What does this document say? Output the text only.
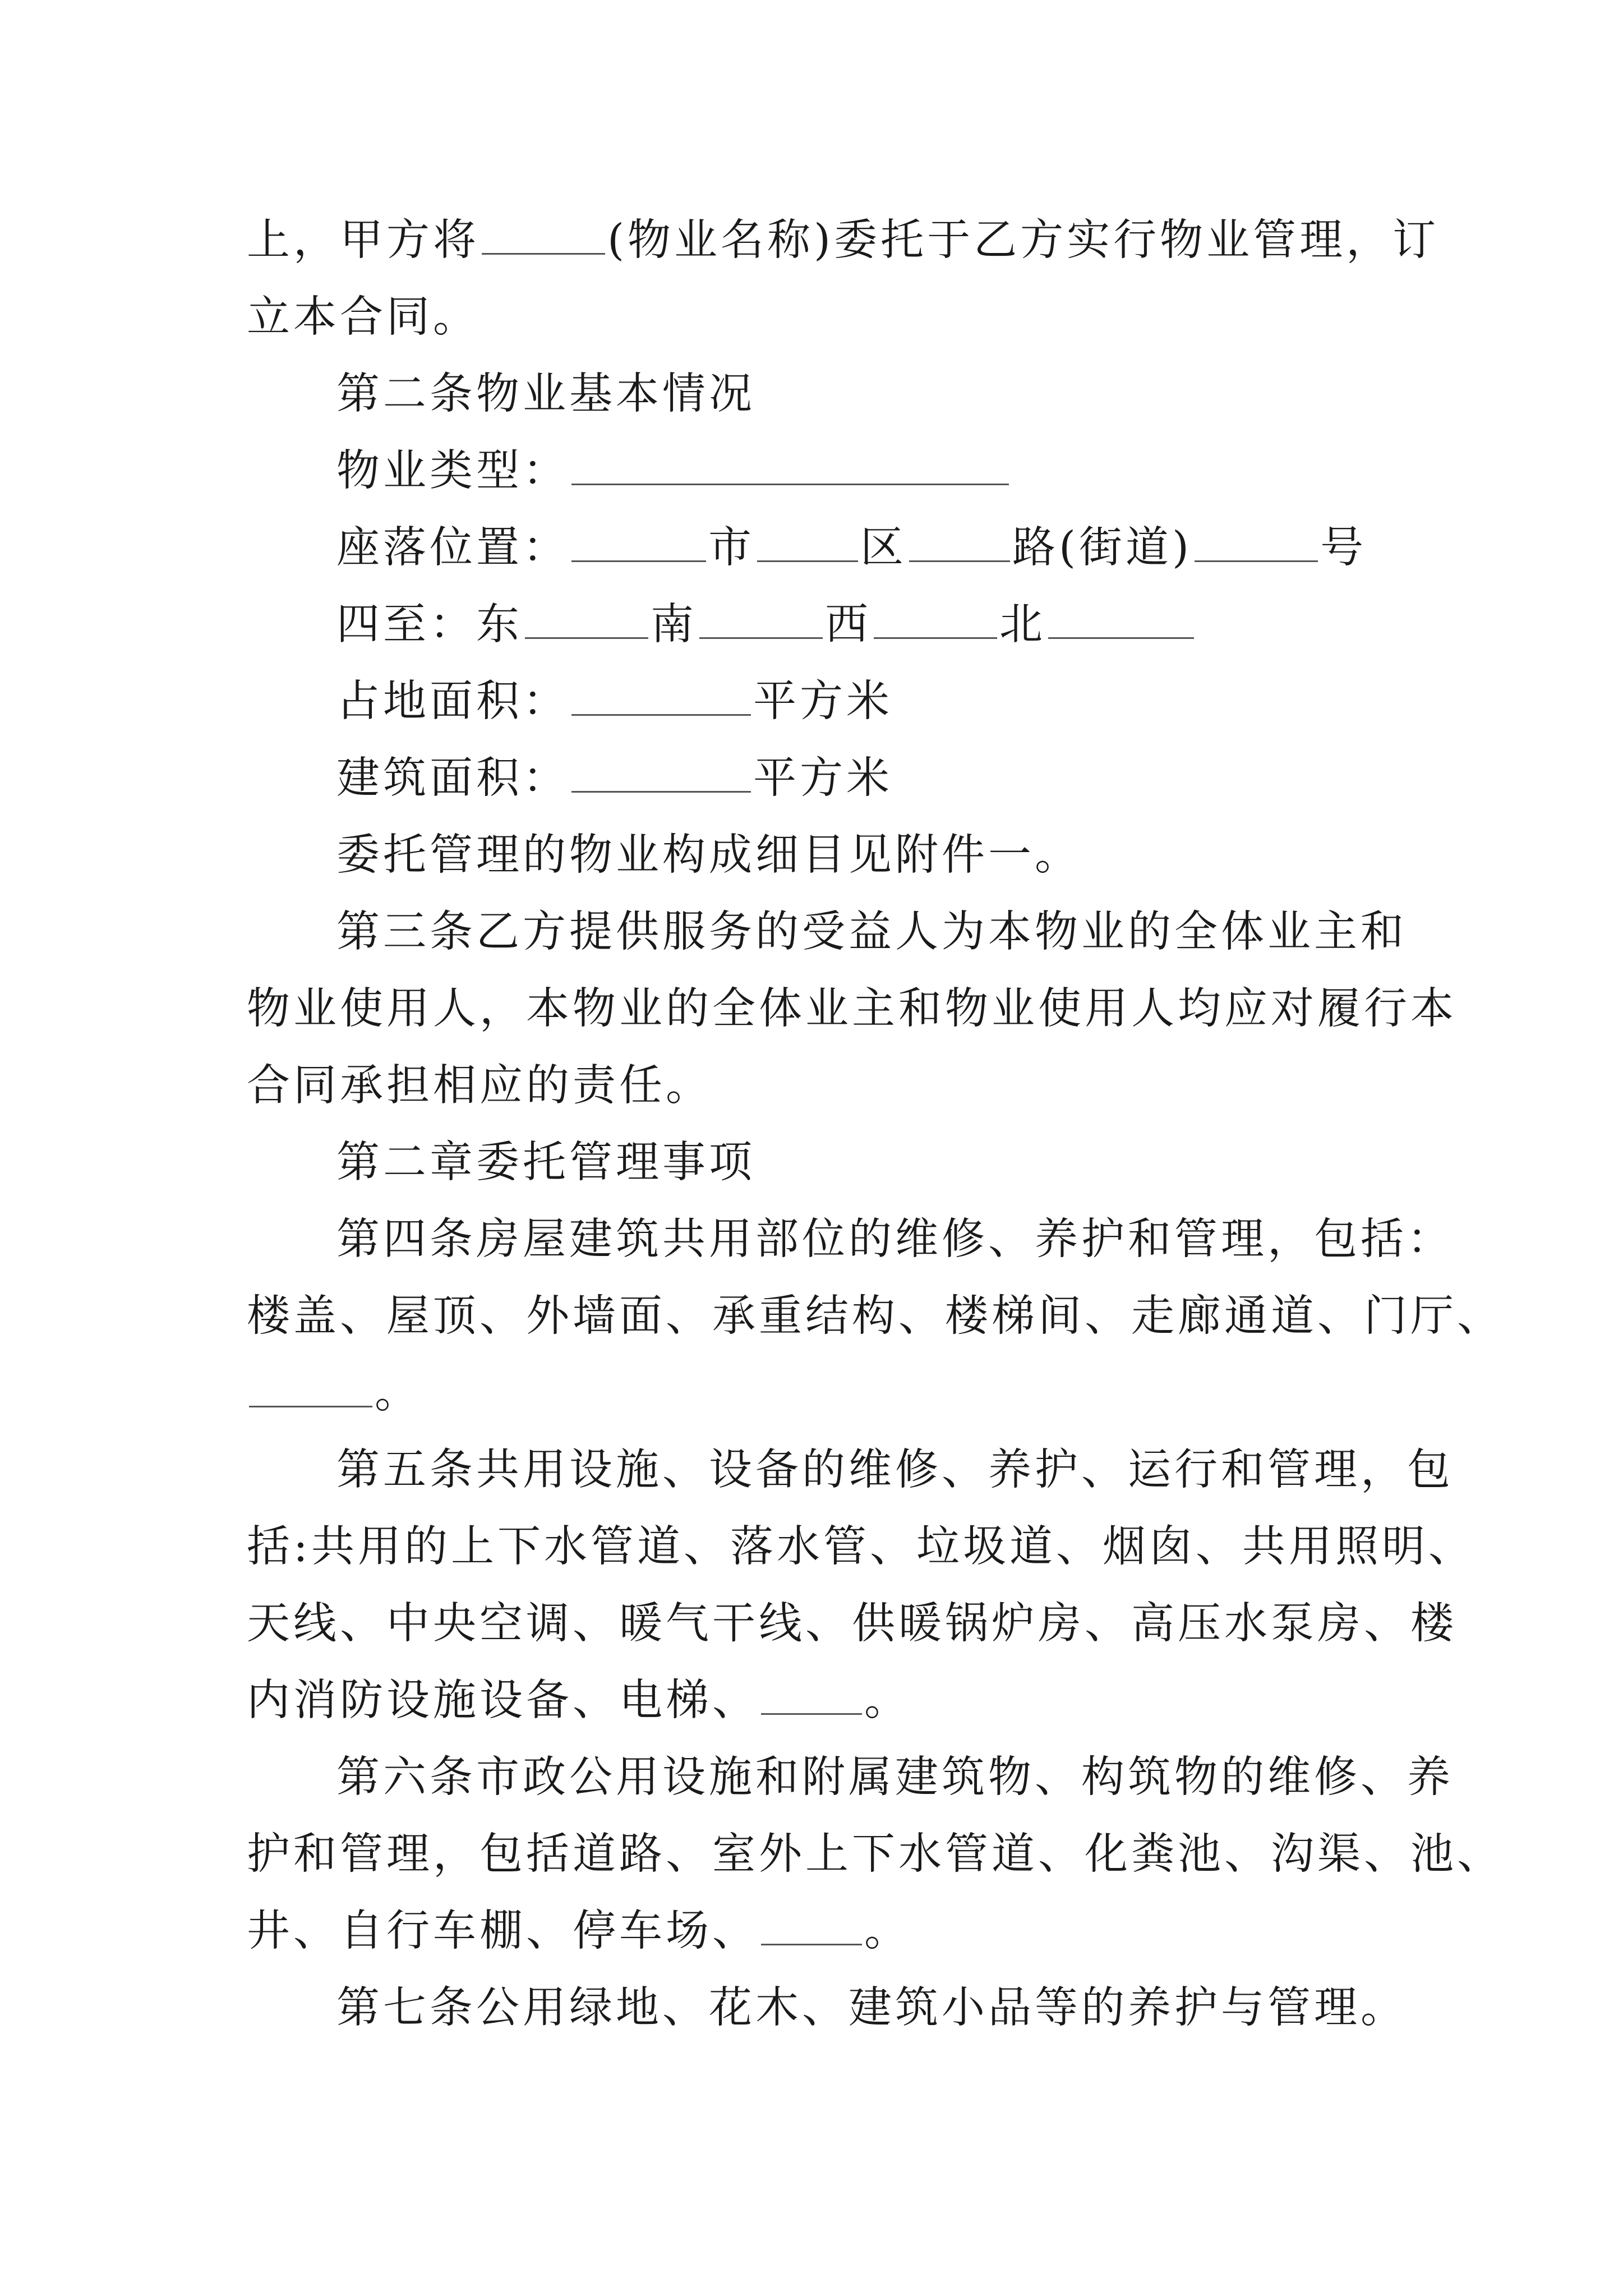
上，甲方将	(物业名称)委托于乙方实行物业管理，订
立本合同。
第二条物业基本情况
物业类型：
座落位置：	市 区 路(街道)	号
四至：东	南	西	北
占地面积：	平方米
建筑面积：	平方米
委托管理的物业构成细目见附件一。
第三条乙方提供服务的受益人为本物业的全体业主和
物业使用人，本物业的全体业主和物业使用人均应对履行本
合同承担相应的责任。
第二章委托管理事项
第四条房屋建筑共用部位的维修、养护和管理，包括：
楼盖、屋顶、外墙面、承重结构、楼梯间、走廊通道、门厅、
。
第五条共用设施、设备的维修、养护、运行和管理，包
括:共用的上下水管道、落水管、垃圾道、烟囱、共用照明、
天线、中央空调、暖气干线、供暖锅炉房、高压水泵房、楼
内消防设施设备、电梯、 。
第六条市政公用设施和附属建筑物、构筑物的维修、养
护和管理，包括道路、室外上下水管道、化粪池、沟渠、池、
井、自行车棚、停车场、 。
第七条公用绿地、花木、建筑小品等的养护与管理。
